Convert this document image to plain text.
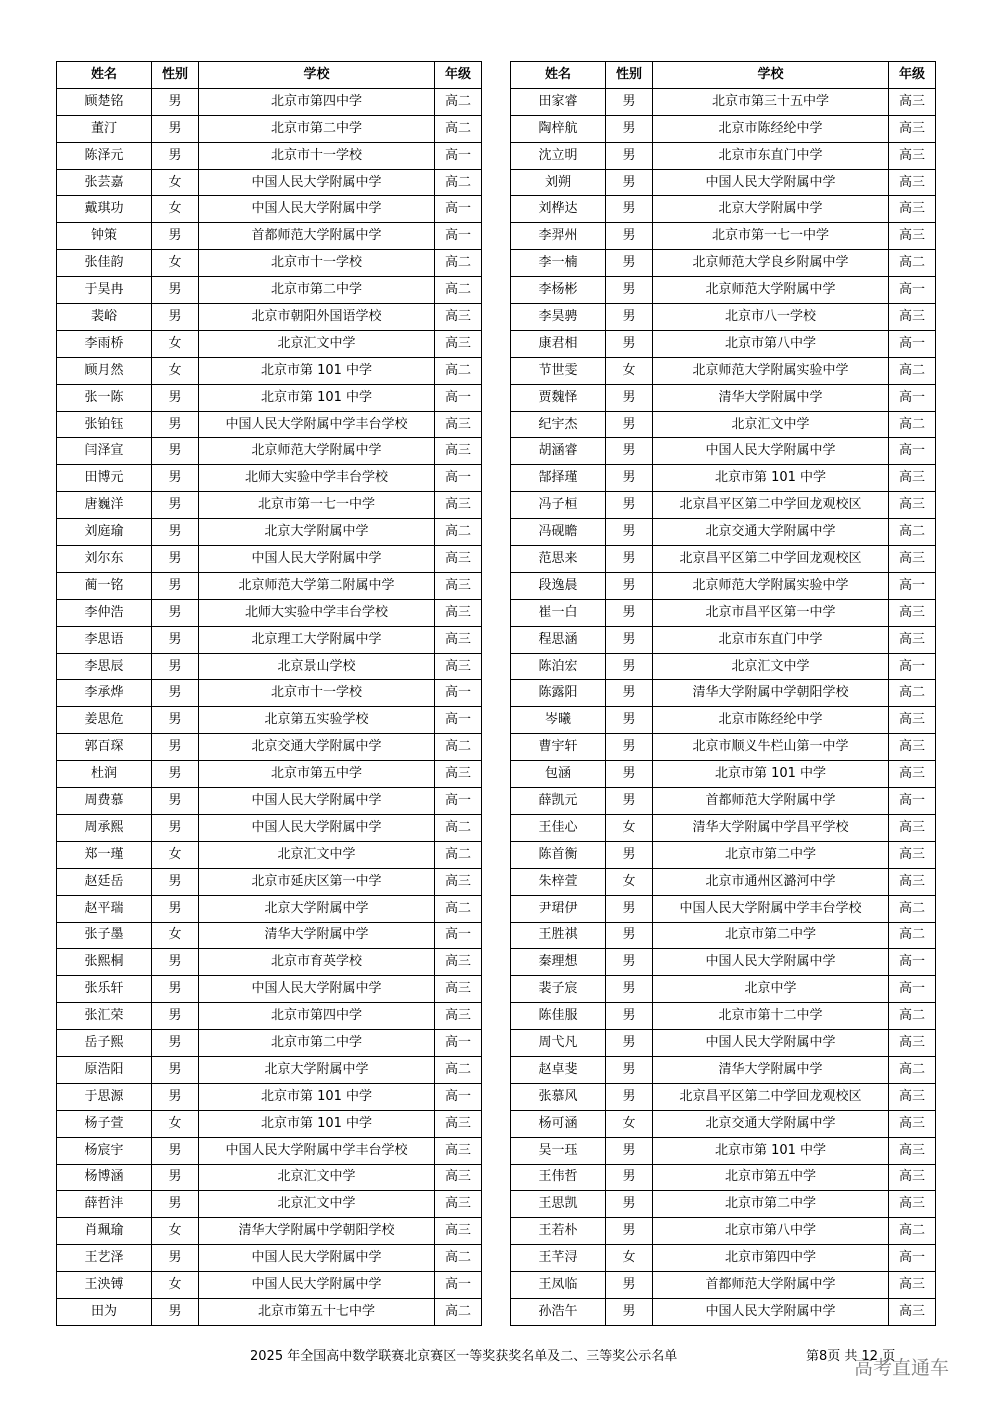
姓名	性别	学校	年级
顾楚铭	男	北京市第四中学	高二
董汀	男	北京市第二中学	高二
陈泽元	男	北京市十一学校	高一
张芸嘉	女	中国人民大学附属中学	高二
戴琪功	女	中国人民大学附属中学	高一
钟策	男	首都师范大学附属中学	高一
张佳韵	女	北京市十一学校	高二
于昊冉	男	北京市第二中学	高二
裴峪	男	北京市朝阳外国语学校	高三
李雨桥	女	北京汇文中学	高三
顾月然	女	北京市第 101 中学	高二
张一陈	男	北京市第 101 中学	高一
张铂钰	男	中国人民大学附属中学丰台学校	高三
闫泽宣	男	北京师范大学附属中学	高三
田博元	男	北师大实验中学丰台学校	高一
唐巍洋	男	北京市第一七一中学	高三
刘庭瑜	男	北京大学附属中学	高二
刘尔东	男	中国人民大学附属中学	高三
蔺一铭	男	北京师范大学第二附属中学	高三
李仲浩	男	北师大实验中学丰台学校	高三
李思语	男	北京理工大学附属中学	高三
李思辰	男	北京景山学校	高三
李承烨	男	北京市十一学校	高一
姜思危	男	北京第五实验学校	高一
郭百琛	男	北京交通大学附属中学	高二
杜润	男	北京市第五中学	高三
周费慕	男	中国人民大学附属中学	高一
周承熙	男	中国人民大学附属中学	高二
郑一瑾	女	北京汇文中学	高二
赵廷岳	男	北京市延庆区第一中学	高三
赵平瑞	男	北京大学附属中学	高二
张子墨	女	清华大学附属中学	高一
张熙桐	男	北京市育英学校	高三
张乐轩	男	中国人民大学附属中学	高三
张汇荣	男	北京市第四中学	高三
岳子熙	男	北京市第二中学	高一
原浩阳	男	北京大学附属中学	高二
于思源	男	北京市第 101 中学	高一
杨子萱	女	北京市第 101 中学	高三
杨宸宇	男	中国人民大学附属中学丰台学校	高三
杨博涵	男	北京汇文中学	高三
薛哲沣	男	北京汇文中学	高三
肖珮瑜	女	清华大学附属中学朝阳学校	高三
王艺泽	男	中国人民大学附属中学	高二
王泱镈	女	中国人民大学附属中学	高一
田为	男	北京市第五十七中学	高二
姓名	性别	学校	年级
田家睿	男	北京市第三十五中学	高三
陶梓航	男	北京市陈经纶中学	高三
沈立明	男	北京市东直门中学	高三
刘朔	男	中国人民大学附属中学	高三
刘桦达	男	北京大学附属中学	高三
李羿州	男	北京市第一七一中学	高三
李一楠	男	北京师范大学良乡附属中学	高二
李杨彬	男	北京师范大学附属中学	高一
李昊骋	男	北京市八一学校	高三
康君相	男	北京市第八中学	高一
节世雯	女	北京师范大学附属实验中学	高二
贾魏怿	男	清华大学附属中学	高一
纪宇杰	男	北京汇文中学	高二
胡涵睿	男	中国人民大学附属中学	高一
郜择瑾	男	北京市第 101 中学	高三
冯子桓	男	北京昌平区第二中学回龙观校区	高三
冯砚瞻	男	北京交通大学附属中学	高二
范思来	男	北京昌平区第二中学回龙观校区	高三
段逸晨	男	北京师范大学附属实验中学	高一
崔一白	男	北京市昌平区第一中学	高三
程思涵	男	北京市东直门中学	高三
陈泊宏	男	北京汇文中学	高一
陈露阳	男	清华大学附属中学朝阳学校	高二
岑曦	男	北京市陈经纶中学	高三
曹宇轩	男	北京市顺义牛栏山第一中学	高三
包涵	男	北京市第 101 中学	高三
薛凯元	男	首都师范大学附属中学	高一
王佳心	女	清华大学附属中学昌平学校	高三
陈首衡	男	北京市第二中学	高三
朱梓萱	女	北京市通州区潞河中学	高三
尹珺伊	男	中国人民大学附属中学丰台学校	高二
王胜祺	男	北京市第二中学	高二
秦理想	男	中国人民大学附属中学	高一
裴子宸	男	北京中学	高一
陈佳服	男	北京市第十二中学	高二
周弋凡	男	中国人民大学附属中学	高三
赵卓斐	男	清华大学附属中学	高二
张慕风	男	北京昌平区第二中学回龙观校区	高三
杨可涵	女	北京交通大学附属中学	高三
吴一珏	男	北京市第 101 中学	高三
王伟哲	男	北京市第五中学	高三
王思凯	男	北京市第二中学	高三
王若朴	男	北京市第八中学	高二
王芊浔	女	北京市第四中学	高一
王凤临	男	首都师范大学附属中学	高三
孙浩午	男	中国人民大学附属中学	高三
2025 年全国高中数学联赛北京赛区一等奖获奖名单及二、三等奖公示名单	第8页 共 12 页
高考直通车
